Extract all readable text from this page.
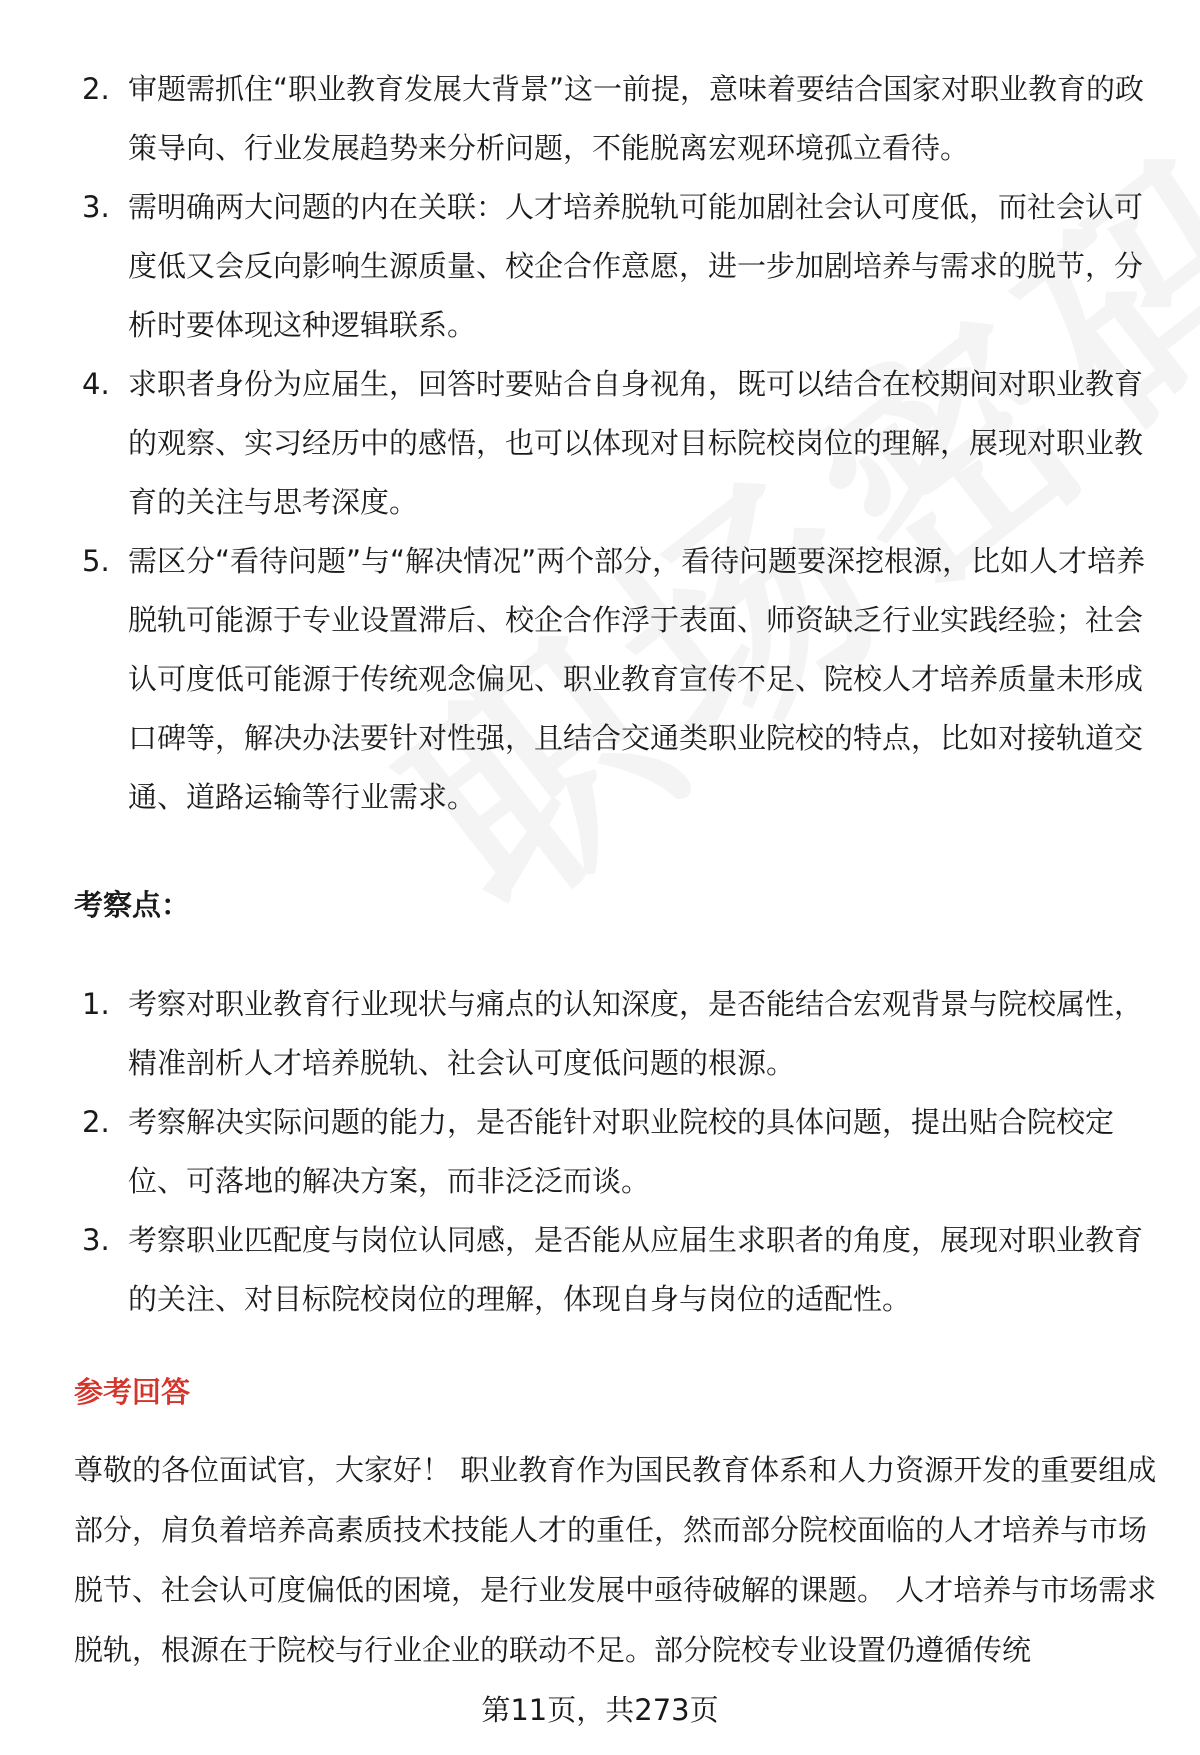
2. 审题需抓住“职业教育发展大背景”这一前提，意味着要结合国家对职业教育的政策导向、行业发展趋势来分析问题，不能脱离宏观环境孤立看待。
3. 需明确两大问题的内在关联：人才培养脱轨可能加剧社会认可度低，而社会认可度低又会反向影响生源质量、校企合作意愿，进一步加剧培养与需求的脱节，分析时要体现这种逻辑联系。
4. 求职者身份为应届生，回答时要贴合自身视角，既可以结合在校期间对职业教育的观察、实习经历中的感悟，也可以体现对目标院校岗位的理解，展现对职业教育的关注与思考深度。
5. 需区分“看待问题”与“解决情况”两个部分，看待问题要深挖根源，比如人才培养脱轨可能源于专业设置滞后、校企合作浮于表面、师资缺乏行业实践经验；社会认可度低可能源于传统观念偏见、职业教育宣传不足、院校人才培养质量未形成口碑等，解决办法要针对性强，且结合交通类职业院校的特点，比如对接轨道交通、道路运输等行业需求。
考察点：
1. 考察对职业教育行业现状与痛点的认知深度，是否能结合宏观背景与院校属性，精准剖析人才培养脱轨、社会认可度低问题的根源。
2. 考察解决实际问题的能力，是否能针对职业院校的具体问题，提出贴合院校定位、可落地的解决方案，而非泛泛而谈。
3. 考察职业匹配度与岗位认同感，是否能从应届生求职者的角度，展现对职业教育的关注、对目标院校岗位的理解，体现自身与岗位的适配性。
参考回答

尊敬的各位面试官，大家好！ 职业教育作为国民教育体系和人力资源开发的重要组成部分，肩负着培养高素质技术技能人才的重任，然而部分院校面临的人才培养与市场脱节、社会认可度偏低的困境，是行业发展中亟待破解的课题。 人才培养与市场需求脱轨，根源在于院校与行业企业的联动不足。部分院校专业设置仍遵循传统

第11页，共273页
